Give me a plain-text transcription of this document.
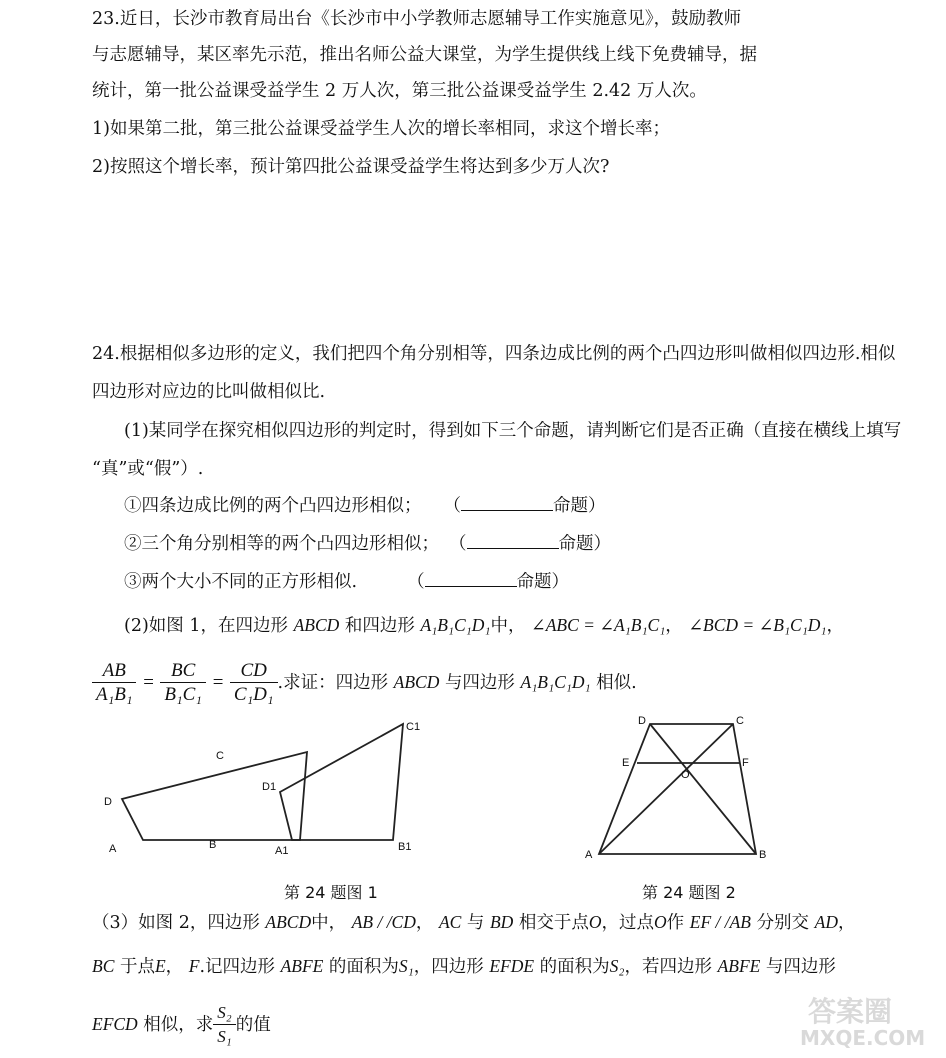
23.近日，长沙市教育局出台《长沙市中小学教师志愿辅导工作实施意见》，鼓励教师
与志愿辅导，某区率先示范，推出名师公益大课堂，为学生提供线上线下免费辅导，据
统计，第一批公益课受益学生 2 万人次，第三批公益课受益学生 2.42 万人次。
1)如果第二批，第三批公益课受益学生人次的增长率相同，求这个增长率；
2)按照这个增长率，预计第四批公益课受益学生将达到多少万人次?
24.根据相似多边形的定义，我们把四个角分别相等，四条边成比例的两个凸四边形叫做相似四边形.相似
四边形对应边的比叫做相似比.
(1)某同学在探究相似四边形的判定时，得到如下三个命题，请判断它们是否正确（直接在横线上填写
“真”或“假”）.
①四条边成比例的两个凸四边形相似； （	命题）
②三个角分别相等的两个凸四边形相似； （	命题）
③两个大小不同的正方形相似.	（	命题）
(2)如图 1，在四边形 ABCD 和四边形 A₁B₁C₁D₁中， ∠ABC = ∠A₁B₁C₁， ∠BCD = ∠B₁C₁D₁，
$\frac{AB}{\text{A₁B₁}} = \frac{BC}{\text{B₁C₁}} = \frac{CD}{\text{C₁D₁}}$ .求证：四边形 ABCD 与四边形 A₁B₁C₁D₁ 相似.
D
C
A	B
D1
C1
A1	B1
第 24 题图 1
A	B
C
D
E	F
O
第 24 题图 2
（3）如图 2，四边形 ABCD中， AB / /CD， AC 与 BD 相交于点O，过点O作 EF / /AB 分别交 AD，
BC 于点E， F.记四边形 ABFE 的面积为S₁，四边形 EFDE 的面积为S₂，若四边形 ABFE 与四边形
EFCD 相似，求 $\frac{\text{S₂}}{\text{S₁}}$ 的值	答案圈
MXQE.COM
